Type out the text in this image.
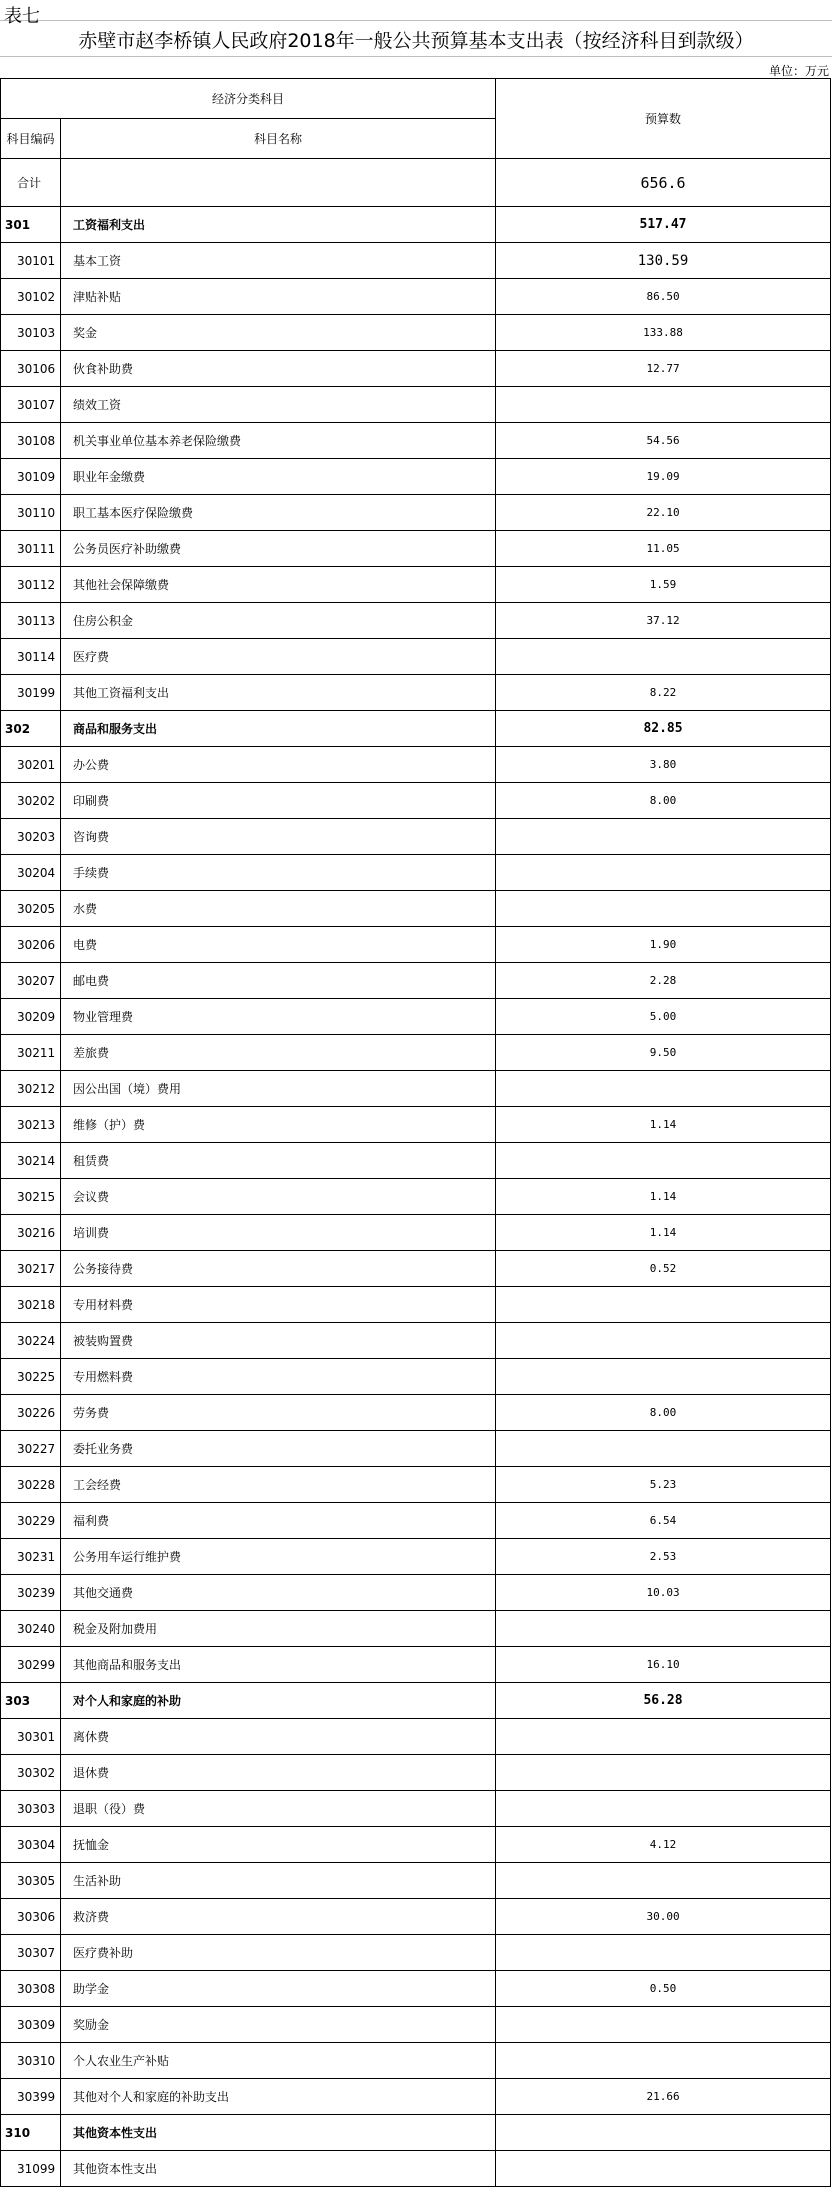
表七
赤壁市赵李桥镇人民政府2018年一般公共预算基本支出表（按经济科目到款级）
单位：万元
经济分类科目		预算数
科目编码	科目名称	
合计		656.6
301	工资福利支出	517.47
30101	基本工资	130.59
30102	津贴补贴	86.50
30103	奖金	133.88
30106	伙食补助费	12.77
30107	绩效工资	
30108	机关事业单位基本养老保险缴费	54.56
30109	职业年金缴费	19.09
30110	职工基本医疗保险缴费	22.10
30111	公务员医疗补助缴费	11.05
30112	其他社会保障缴费	1.59
30113	住房公积金	37.12
30114	医疗费	
30199	其他工资福利支出	8.22
302	商品和服务支出	82.85
30201	办公费	3.80
30202	印刷费	8.00
30203	咨询费	
30204	手续费	
30205	水费	
30206	电费	1.90
30207	邮电费	2.28
30209	物业管理费	5.00
30211	差旅费	9.50
30212	因公出国（境）费用	
30213	维修（护）费	1.14
30214	租赁费	
30215	会议费	1.14
30216	培训费	1.14
30217	公务接待费	0.52
30218	专用材料费	
30224	被装购置费	
30225	专用燃料费	
30226	劳务费	8.00
30227	委托业务费	
30228	工会经费	5.23
30229	福利费	6.54
30231	公务用车运行维护费	2.53
30239	其他交通费	10.03
30240	税金及附加费用	
30299	其他商品和服务支出	16.10
303	对个人和家庭的补助	56.28
30301	离休费	
30302	退休费	
30303	退职（役）费	
30304	抚恤金	4.12
30305	生活补助	
30306	救济费	30.00
30307	医疗费补助	
30308	助学金	0.50
30309	奖励金	
30310	个人农业生产补贴	
30399	其他对个人和家庭的补助支出	21.66
310	其他资本性支出	
31099	其他资本性支出	
